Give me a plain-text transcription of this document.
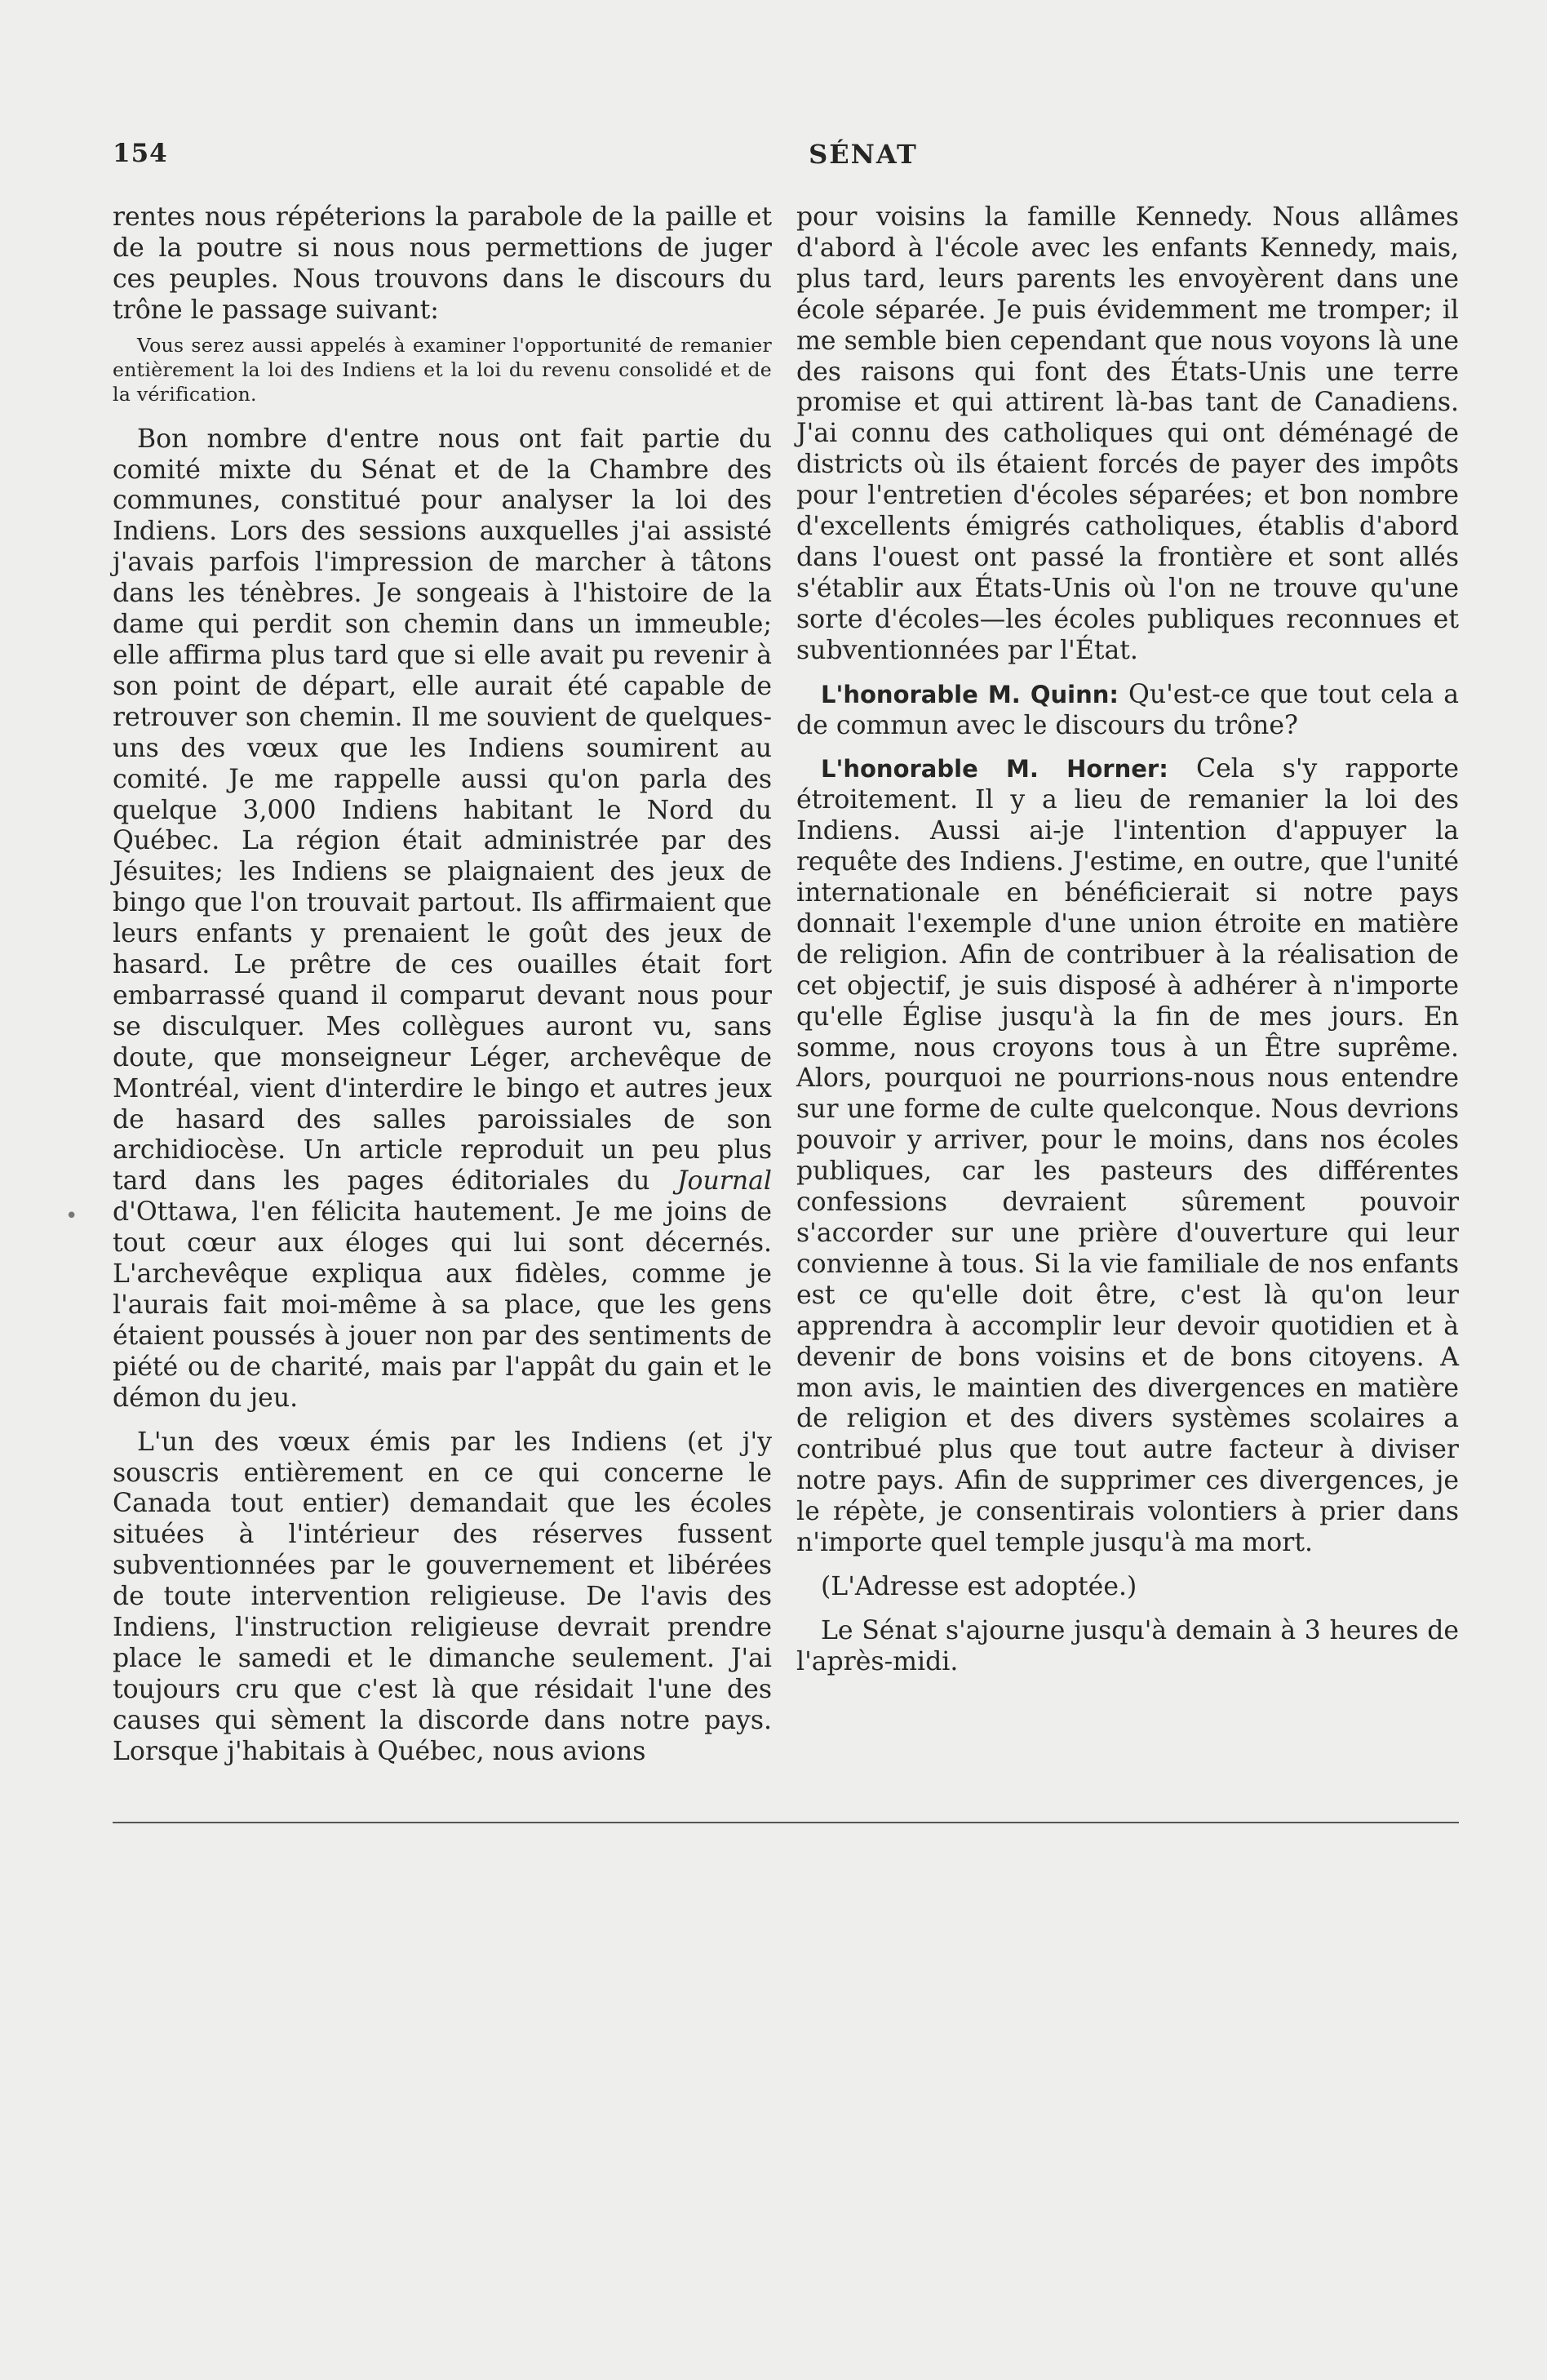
154	SÉNAT

rentes nous répéterions la parabole de la paille et de la poutre si nous nous permettions de juger ces peuples. Nous trouvons dans le discours du trône le passage suivant:

Vous serez aussi appelés à examiner l'opportunité de remanier entièrement la loi des Indiens et la loi du revenu consolidé et de la vérification.

Bon nombre d'entre nous ont fait partie du comité mixte du Sénat et de la Chambre des communes, constitué pour analyser la loi des Indiens. Lors des sessions auxquelles j'ai assisté j'avais parfois l'impression de marcher à tâtons dans les ténèbres. Je songeais à l'histoire de la dame qui perdit son chemin dans un immeuble; elle affirma plus tard que si elle avait pu revenir à son point de départ, elle aurait été capable de retrouver son chemin. Il me souvient de quelques-uns des vœux que les Indiens soumirent au comité. Je me rappelle aussi qu'on parla des quelque 3,000 Indiens habitant le Nord du Québec. La région était administrée par des Jésuites; les Indiens se plaignaient des jeux de bingo que l'on trouvait partout. Ils affirmaient que leurs enfants y prenaient le goût des jeux de hasard. Le prêtre de ces ouailles était fort embarrassé quand il comparut devant nous pour se disculquer. Mes collègues auront vu, sans doute, que monseigneur Léger, archevêque de Montréal, vient d'interdire le bingo et autres jeux de hasard des salles paroissiales de son archidiocèse. Un article reproduit un peu plus tard dans les pages éditoriales du Journal d'Ottawa, l'en félicita hautement. Je me joins de tout cœur aux éloges qui lui sont décernés. L'archevêque expliqua aux fidèles, comme je l'aurais fait moi-même à sa place, que les gens étaient poussés à jouer non par des sentiments de piété ou de charité, mais par l'appât du gain et le démon du jeu.

L'un des vœux émis par les Indiens (et j'y souscris entièrement en ce qui concerne le Canada tout entier) demandait que les écoles situées à l'intérieur des réserves fussent subventionnées par le gouvernement et libérées de toute intervention religieuse. De l'avis des Indiens, l'instruction religieuse devrait prendre place le samedi et le dimanche seulement. J'ai toujours cru que c'est là que résidait l'une des causes qui sèment la discorde dans notre pays. Lorsque j'habitais à Québec, nous avions

pour voisins la famille Kennedy. Nous allâmes d'abord à l'école avec les enfants Kennedy, mais, plus tard, leurs parents les envoyèrent dans une école séparée. Je puis évidemment me tromper; il me semble bien cependant que nous voyons là une des raisons qui font des États-Unis une terre promise et qui attirent là-bas tant de Canadiens. J'ai connu des catholiques qui ont déménagé de districts où ils étaient forcés de payer des impôts pour l'entretien d'écoles séparées; et bon nombre d'excellents émigrés catholiques, établis d'abord dans l'ouest ont passé la frontière et sont allés s'établir aux États-Unis où l'on ne trouve qu'une sorte d'écoles—les écoles publiques reconnues et subventionnées par l'État.

L'honorable M. Quinn: Qu'est-ce que tout cela a de commun avec le discours du trône?

L'honorable M. Horner: Cela s'y rapporte étroitement. Il y a lieu de remanier la loi des Indiens. Aussi ai-je l'intention d'appuyer la requête des Indiens. J'estime, en outre, que l'unité internationale en bénéficierait si notre pays donnait l'exemple d'une union étroite en matière de religion. Afin de contribuer à la réalisation de cet objectif, je suis disposé à adhérer à n'importe qu'elle Église jusqu'à la fin de mes jours. En somme, nous croyons tous à un Être suprême. Alors, pourquoi ne pourrions-nous nous entendre sur une forme de culte quelconque. Nous devrions pouvoir y arriver, pour le moins, dans nos écoles publiques, car les pasteurs des différentes confessions devraient sûrement pouvoir s'accorder sur une prière d'ouverture qui leur convienne à tous. Si la vie familiale de nos enfants est ce qu'elle doit être, c'est là qu'on leur apprendra à accomplir leur devoir quotidien et à devenir de bons voisins et de bons citoyens. A mon avis, le maintien des divergences en matière de religion et des divers systèmes scolaires a contribué plus que tout autre facteur à diviser notre pays. Afin de supprimer ces divergences, je le répète, je consentirais volontiers à prier dans n'importe quel temple jusqu'à ma mort.

(L'Adresse est adoptée.)

Le Sénat s'ajourne jusqu'à demain à 3 heures de l'après-midi.

•
